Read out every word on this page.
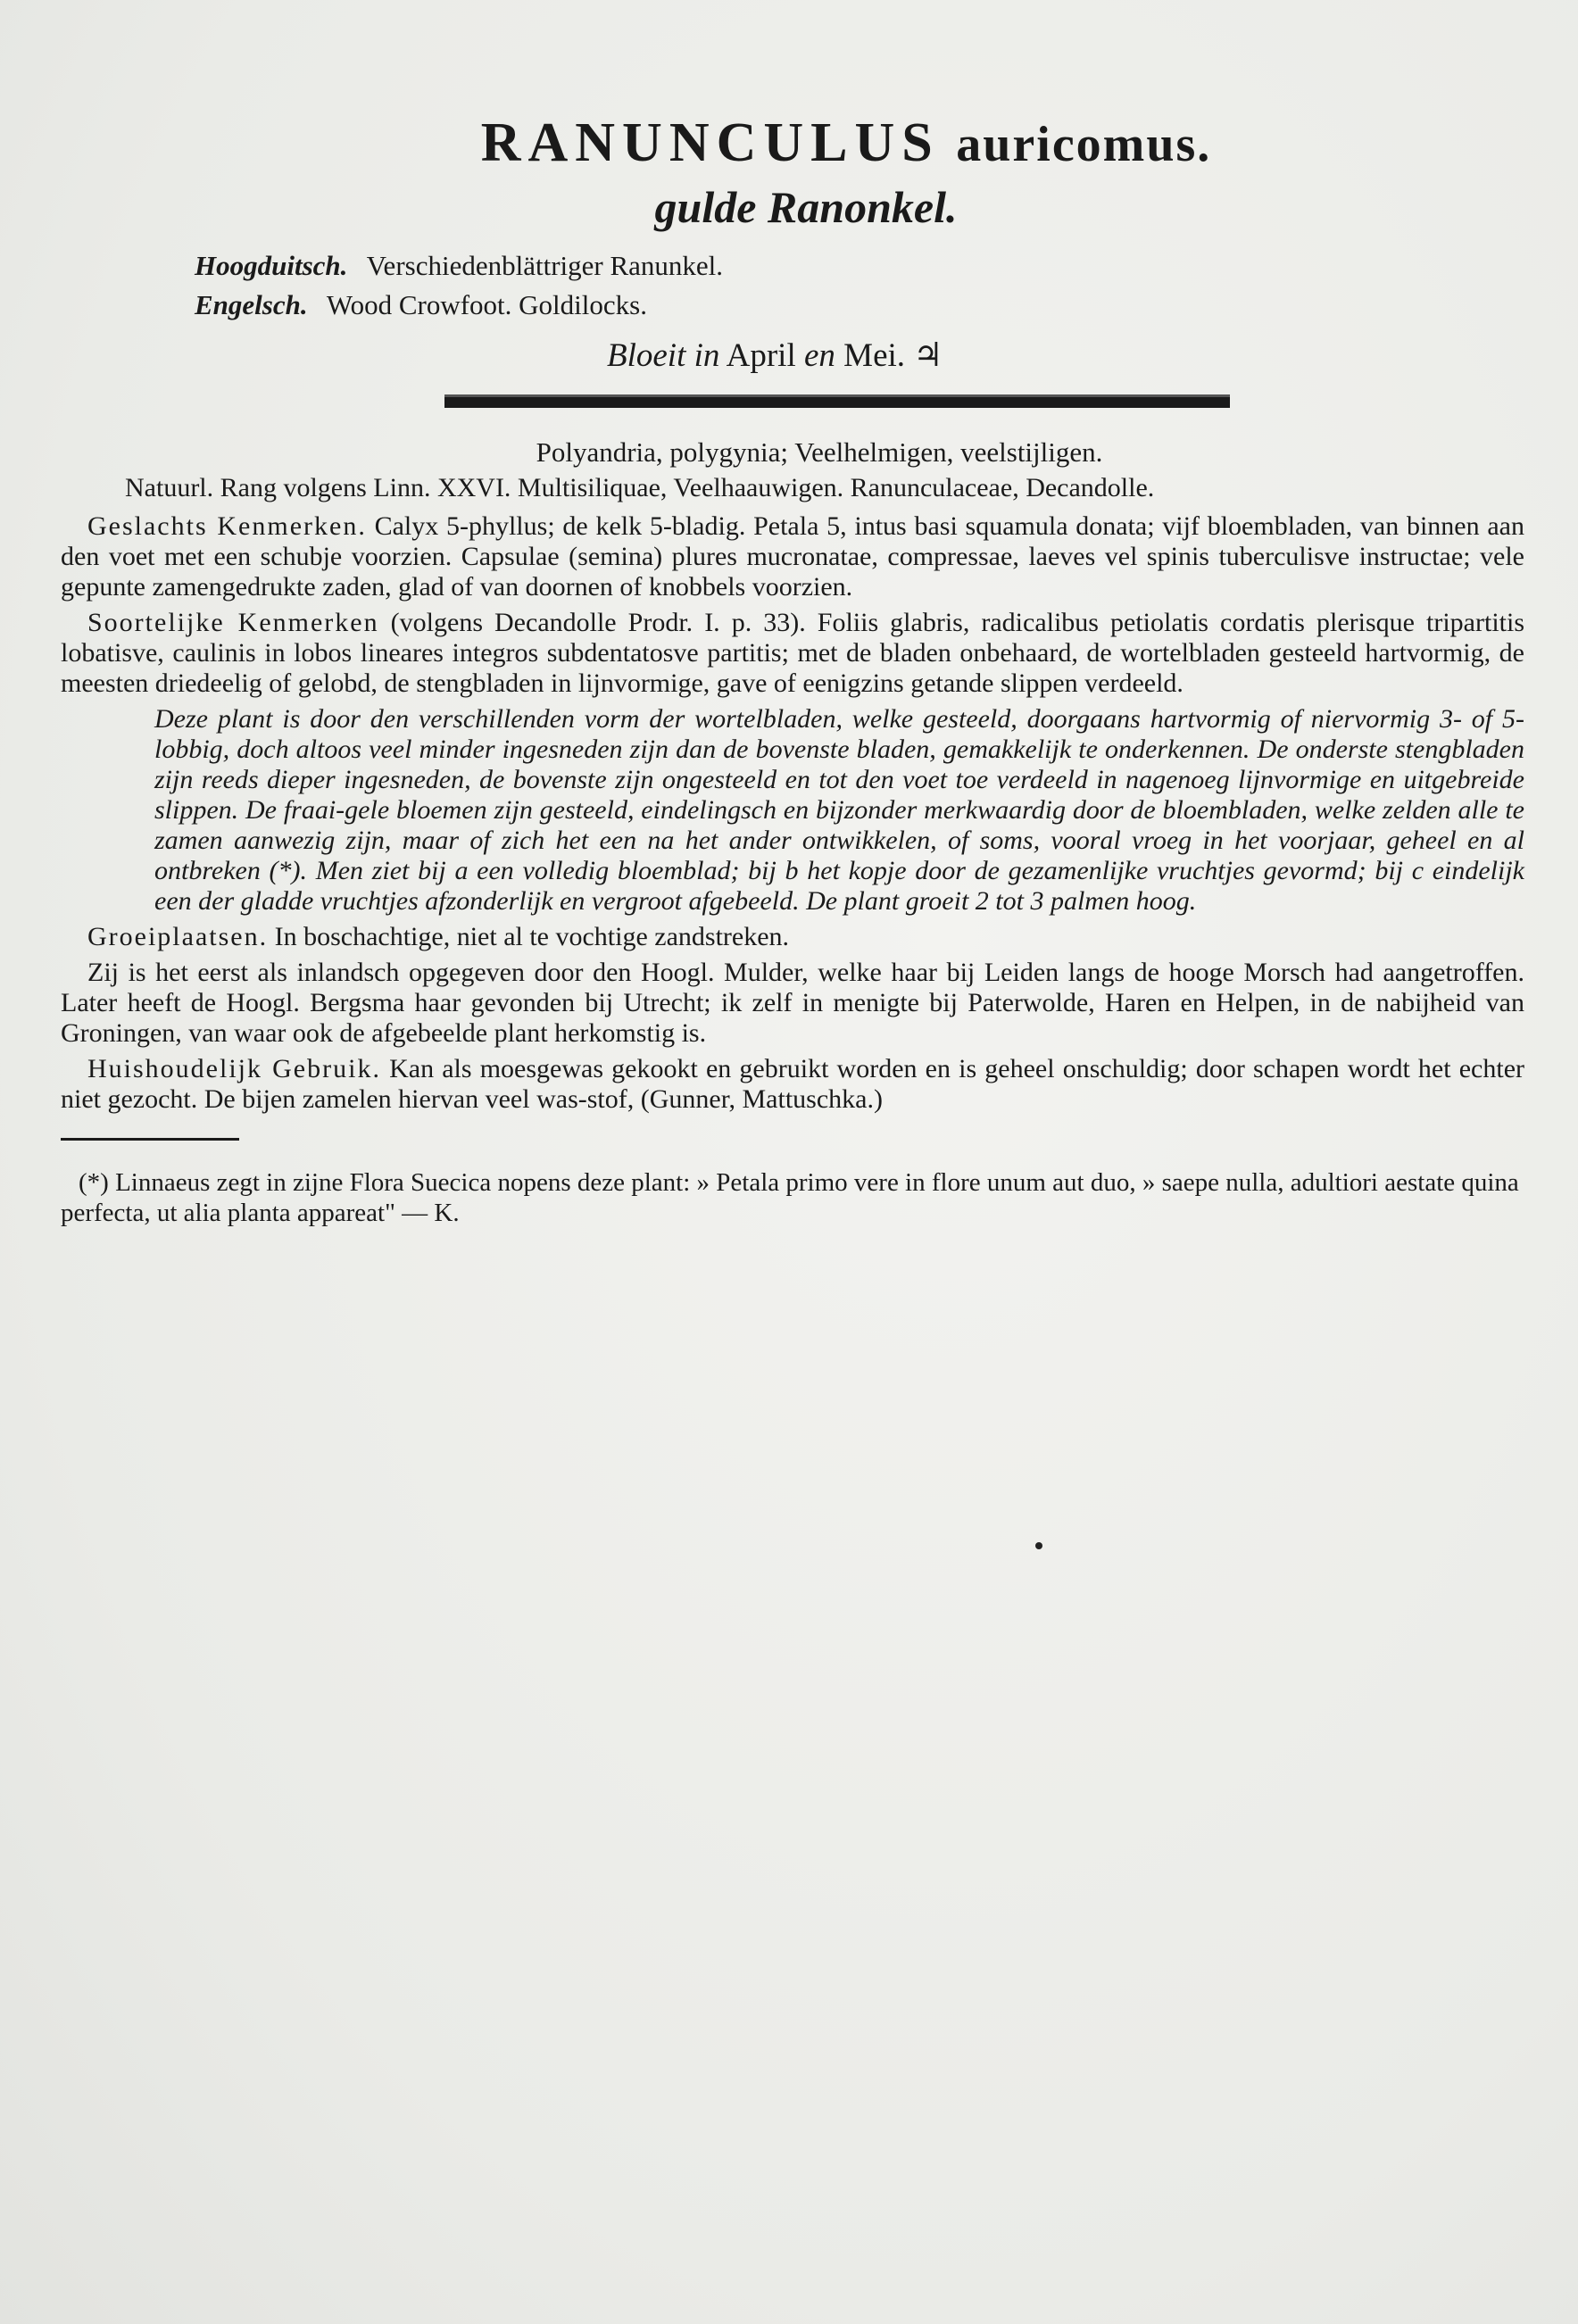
RANUNCULUS auricomus.
gulde Ranonkel.
Hoogduitsch. Verschiedenblättriger Ranunkel.
Engelsch. Wood Crowfoot. Goldilocks.
Bloeit in April en Mei. ♃
Polyandria, polygynia; Veelhelmigen, veelstijligen.
Natuurl. Rang volgens Linn. XXVI. Multisiliquae, Veelhaauwigen. Ranunculaceae, Decandolle.

Geslachts Kenmerken. Calyx 5-phyllus; de kelk 5-bladig. Petala 5, intus basi squamula donata; vijf bloembladen, van binnen aan den voet met een schubje voorzien. Capsulae (semina) plures mucronatae, compressae, laeves vel spinis tuberculisve instructae; vele gepunte zamengedrukte zaden, glad of van doornen of knobbels voorzien.

Soortelijke Kenmerken (volgens Decandolle Prodr. I. p. 33). Foliis glabris, radicalibus petiolatis cordatis plerisque tripartitis lobatisve, caulinis in lobos lineares integros subdentatosve partitis; met de bladen onbehaard, de wortelbladen gesteeld hartvormig, de meesten driedeelig of gelobd, de stengbladen in lijnvormige, gave of eenigzins getande slippen verdeeld.

Deze plant is door den verschillenden vorm der wortelbladen, welke gesteeld, doorgaans hartvormig of niervormig 3- of 5-lobbig, doch altoos veel minder ingesneden zijn dan de bovenste bladen, gemakkelijk te onderkennen. De onderste stengbladen zijn reeds dieper ingesneden, de bovenste zijn ongesteeld en tot den voet toe verdeeld in nagenoeg lijnvormige en uitgebreide slippen. De fraai-gele bloemen zijn gesteeld, eindelingsch en bijzonder merkwaardig door de bloembladen, welke zelden alle te zamen aanwezig zijn, maar of zich het een na het ander ontwikkelen, of soms, vooral vroeg in het voorjaar, geheel en al ontbreken (*). Men ziet bij a een volledig bloemblad; bij b het kopje door de gezamenlijke vruchtjes gevormd; bij c eindelijk een der gladde vruchtjes afzonderlijk en vergroot afgebeeld. De plant groeit 2 tot 3 palmen hoog.

Groeiplaatsen. In boschachtige, niet al te vochtige zandstreken.

Zij is het eerst als inlandsch opgegeven door den Hoogl. Mulder, welke haar bij Leiden langs de hooge Morsch had aangetroffen. Later heeft de Hoogl. Bergsma haar gevonden bij Utrecht; ik zelf in menigte bij Paterwolde, Haren en Helpen, in de nabijheid van Groningen, van waar ook de afgebeelde plant herkomstig is.

Huishoudelijk Gebruik. Kan als moesgewas gekookt en gebruikt worden en is geheel onschuldig; door schapen wordt het echter niet gezocht. De bijen zamelen hiervan veel was-stof, (Gunner, Mattuschka.)

(*) Linnaeus zegt in zijne Flora Suecica nopens deze plant: » Petala primo vere in flore unum aut duo, » saepe nulla, adultiori aestate quina perfecta, ut alia planta appareat" — K.
